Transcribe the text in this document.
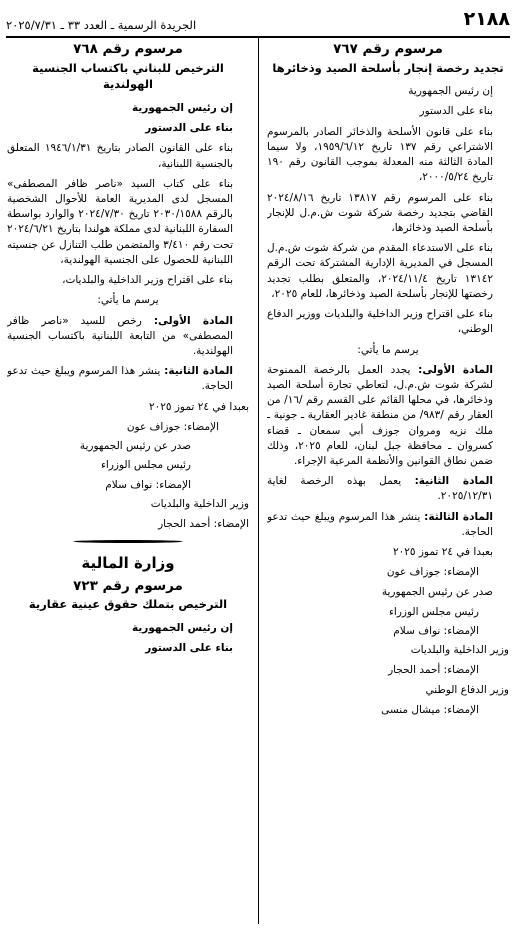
الجريدة الرسمية ـ العدد ٣٣ ـ ٢٠٢٥/٧/٣١	٢١٨٨
مرسوم رقم ٧٦٧
تجديد رخصة إنجار بأسلحة الصيد وذخائرها

إن رئيس الجمهورية

بناء على الدستور

بناء على قانون الأسلحة والذخائر الصادر بالمرسوم الاشتراعي رقم ١٣٧ تاريخ ١٩٥٩/٦/١٢، ولا سيما المادة الثالثة منه المعدلة بموجب القانون رقم ١٩٠ تاريخ ٢٠٠٠/٥/٢٤،

بناء على المرسوم رقم ١٣٨١٧ تاريخ ٢٠٢٤/٨/١٦ القاضي بتجديد رخصة شركة شوت ش.م.ل للإنجار بأسلحة الصيد وذخائرها،

بناء على الاستدعاء المقدم من شركة شوت ش.م.ل المسجل في المديرية الإدارية المشتركة تحت الرقم ١٣١٤٢ تاريخ ٢٠٢٤/١١/٤، والمتعلق بطلب تجديد رخصتها للإنجار بأسلحة الصيد وذخائرها، للعام ٢٠٢٥،

بناء على اقتراح وزير الداخلية والبلديات ووزير الدفاع الوطني،

يرسم ما يأتي:

المادة الأولى: يجدد العمل بالرخصة الممنوحة لشركة شوت ش.م.ل، لتعاطي تجارة أسلحة الصيد وذخائرها، في محلها القائم على القسم رقم /١٦/ من العقار رقم /٩٨٣/ من منطقة غادير العقارية ـ جونية ـ ملك نزيه ومروان جوزف أبي سمعان ـ قضاء كسروان ـ محافظة جبل لبنان، للعام ٢٠٢٥، وذلك ضمن نطاق القوانين والأنظمة المرعية الإجراء.

المادة الثانية: يعمل بهذه الرخصة لغاية ٢٠٢٥/١٢/٣١.

المادة الثالثة: ينشر هذا المرسوم ويبلغ حيث تدعو الحاجة.

بعبدا في ٢٤ تموز ٢٠٢٥

الإمضاء: جوزاف عون

صدر عن رئيس الجمهورية

رئيس مجلس الوزراء

الإمضاء: نواف سلام

وزير الداخلية والبلديات

الإمضاء: أحمد الحجار

وزير الدفاع الوطني

الإمضاء: ميشال منسى

مرسوم رقم ٧٦٨
الترخيص للبناني باكتساب الجنسية الهولندية

إن رئيس الجمهورية

بناء على الدستور

بناء على القانون الصادر بتاريخ ١٩٤٦/١/٣١ المتعلق بالجنسية اللبنانية،

بناء على كتاب السيد «ناصر ظافر المصطفى» المسجل لدى المديرية العامة للأحوال الشخصية بالرقم ٢٠٣٠/١٥٨٨ تاريخ ٢٠٢٤/٧/٣٠ والوارد بواسطة السفارة اللبنانية لدى مملكة هولندا بتاريخ ٢٠٢٤/٦/٢١ تحت رقم ٣/٤١٠ والمتضمن طلب التنازل عن جنسيته اللبنانية للحصول على الجنسية الهولندية،

بناء على اقتراح وزير الداخلية والبلديات،

يرسم ما يأتي:

المادة الأولى: رخص للسيد «ناصر ظافر المصطفى» من التابعة اللبنانية باكتساب الجنسية الهولندية.

المادة الثانية: ينشر هذا المرسوم ويبلغ حيث تدعو الحاجة.

بعبدا في ٢٤ تموز ٢٠٢٥

الإمضاء: جوزاف عون

صدر عن رئيس الجمهورية

رئيس مجلس الوزراء

الإمضاء: نواف سلام

وزير الداخلية والبلديات

الإمضاء: أحمد الحجار

وزارة المالية
مرسوم رقم ٧٢٣
الترخيص بتملك حقوق عينية عقارية

إن رئيس الجمهورية

بناء على الدستور
